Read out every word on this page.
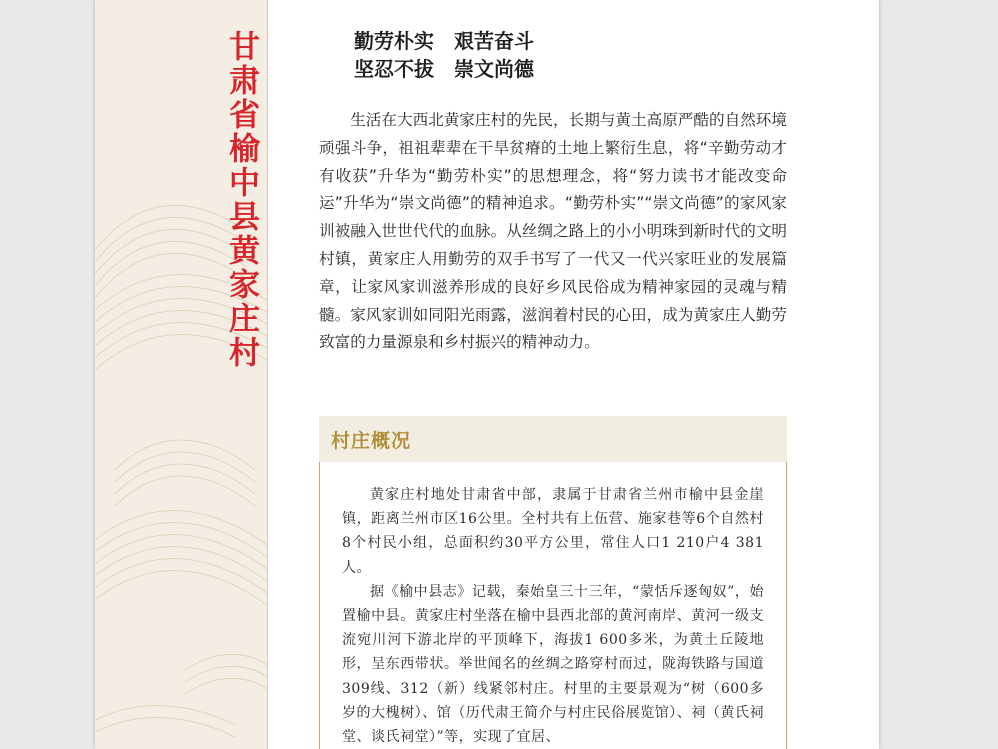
甘肃省榆中县黄家庄村	勤劳朴实　艰苦奋斗
坚忍不拔　崇文尚德

生活在大西北黄家庄村的先民，长期与黄土高原严酷的自然环境顽强斗争，祖祖辈辈在干旱贫瘠的土地上繁衍生息，将“辛勤劳动才有收获”升华为“勤劳朴实”的思想理念，将“努力读书才能改变命运”升华为“崇文尚德”的精神追求。“勤劳朴实”“崇文尚德”的家风家训被融入世世代代的血脉。从丝绸之路上的小小明珠到新时代的文明村镇，黄家庄人用勤劳的双手书写了一代又一代兴家旺业的发展篇章，让家风家训滋养形成的良好乡风民俗成为精神家园的灵魂与精髓。家风家训如同阳光雨露，滋润着村民的心田，成为黄家庄人勤劳致富的力量源泉和乡村振兴的精神动力。

村庄概况

黄家庄村地处甘肃省中部，隶属于甘肃省兰州市榆中县金崖镇，距离兰州市区16公里。全村共有上伍营、施家巷等6个自然村8个村民小组，总面积约30平方公里，常住人口1 210户4 381人。

据《榆中县志》记载，秦始皇三十三年，“蒙恬斥逐匈奴”，始置榆中县。黄家庄村坐落在榆中县西北部的黄河南岸、黄河一级支流宛川河下游北岸的平顶峰下，海拔1 600多米，为黄土丘陵地形，呈东西带状。举世闻名的丝绸之路穿村而过，陇海铁路与国道309线、312（新）线紧邻村庄。村里的主要景观为“树（600多岁的大槐树）、馆（历代肃王简介与村庄民俗展览馆）、祠（黄氏祠堂、谈氏祠堂）”等，实现了宜居、
